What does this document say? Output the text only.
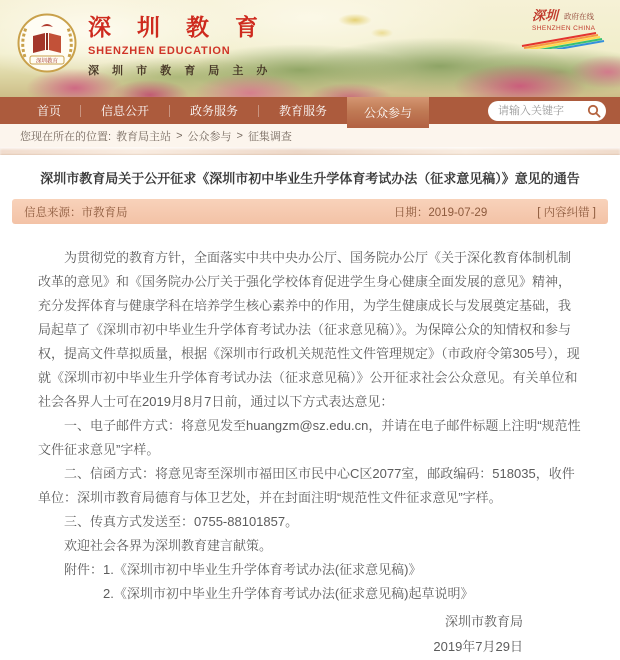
深圳教育
深 圳 教 育
SHENZHEN EDUCATION
深 圳 市 教 育 局 主 办
深圳 政府在线
SHENZHEN CHINA
首页	信息公开	政务服务	教育服务	公众参与
请输入关键字
您现在所在的位置: 教育局主站 > 公众参与 > 征集调查
深圳市教育局关于公开征求《深圳市初中毕业生升学体育考试办法（征求意见稿）》意见的通告
信息来源：市教育局	日期：2019-07-29	[ 内容纠错 ]

为贯彻党的教育方针，全面落实中共中央办公厅、国务院办公厅《关于深化教育体制机制改革的意见》和《国务院办公厅关于强化学校体育促进学生身心健康全面发展的意见》精神，充分发挥体育与健康学科在培养学生核心素养中的作用，为学生健康成长与发展奠定基础，我局起草了《深圳市初中毕业生升学体育考试办法（征求意见稿）》。为保障公众的知情权和参与权，提高文件草拟质量，根据《深圳市行政机关规范性文件管理规定》（市政府令第305号），现就《深圳市初中毕业生升学体育考试办法（征求意见稿）》公开征求社会公众意见。有关单位和社会各界人士可在2019月8月7日前，通过以下方式表达意见：

一、电子邮件方式：将意见发至huangzm@sz.edu.cn，并请在电子邮件标题上注明“规范性文件征求意见”字样。

二、信函方式：将意见寄至深圳市福田区市民中心C区2077室，邮政编码：518035，收件单位：深圳市教育局德育与体卫艺处，并在封面注明“规范性文件征求意见”字样。

三、传真方式发送至：0755-88101857。

欢迎社会各界为深圳教育建言献策。

附件：1.《深圳市初中毕业生升学体育考试办法(征求意见稿)》

2.《深圳市初中毕业生升学体育考试办法(征求意见稿)起草说明》

深圳市教育局
2019年7月29日
